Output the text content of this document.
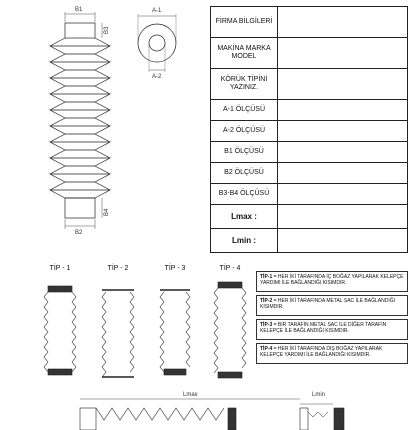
B1
B2
B3
B4
A-1
A-2
Lmax	Lmin
TİP - 1	TİP - 2	TİP - 3	TİP - 4
FİRMA BİLGİLERİ	
MAKİNA MARKA MODEL	
KÖRÜK TİPİNİ YAZINIZ.	
A-1 ÖLÇÜSÜ	
A-2 ÖLÇÜSÜ	
B1 ÖLÇÜSÜ	
B2 ÖLÇÜSÜ	
B3-B4 ÖLÇÜSÜ	
Lmax :	
Lmin :	
TİP-1 = HER İKİ TARAFINDA İÇ BOĞAZ YAPILARAK KELEPÇE YARDIMI İLE BAĞLANDIĞI KISIMDIR.
TİP-2 = HER İKİ TARAFINDA METAL SAC İLE BAĞLANDIĞI KISIMDIR.
TİP-3 = BİR TARAFIN METAL SAC İLE DİĞER TARAFIN KELEPÇE İLE BAĞLANDIĞI KISIMDIR.
TİP-4 = HER İKİ TARAFINDA DIŞ BOĞAZ YAPILARAK KELEPÇE YARDIMI İLE BAĞLANDIĞI KISIMDIR.
